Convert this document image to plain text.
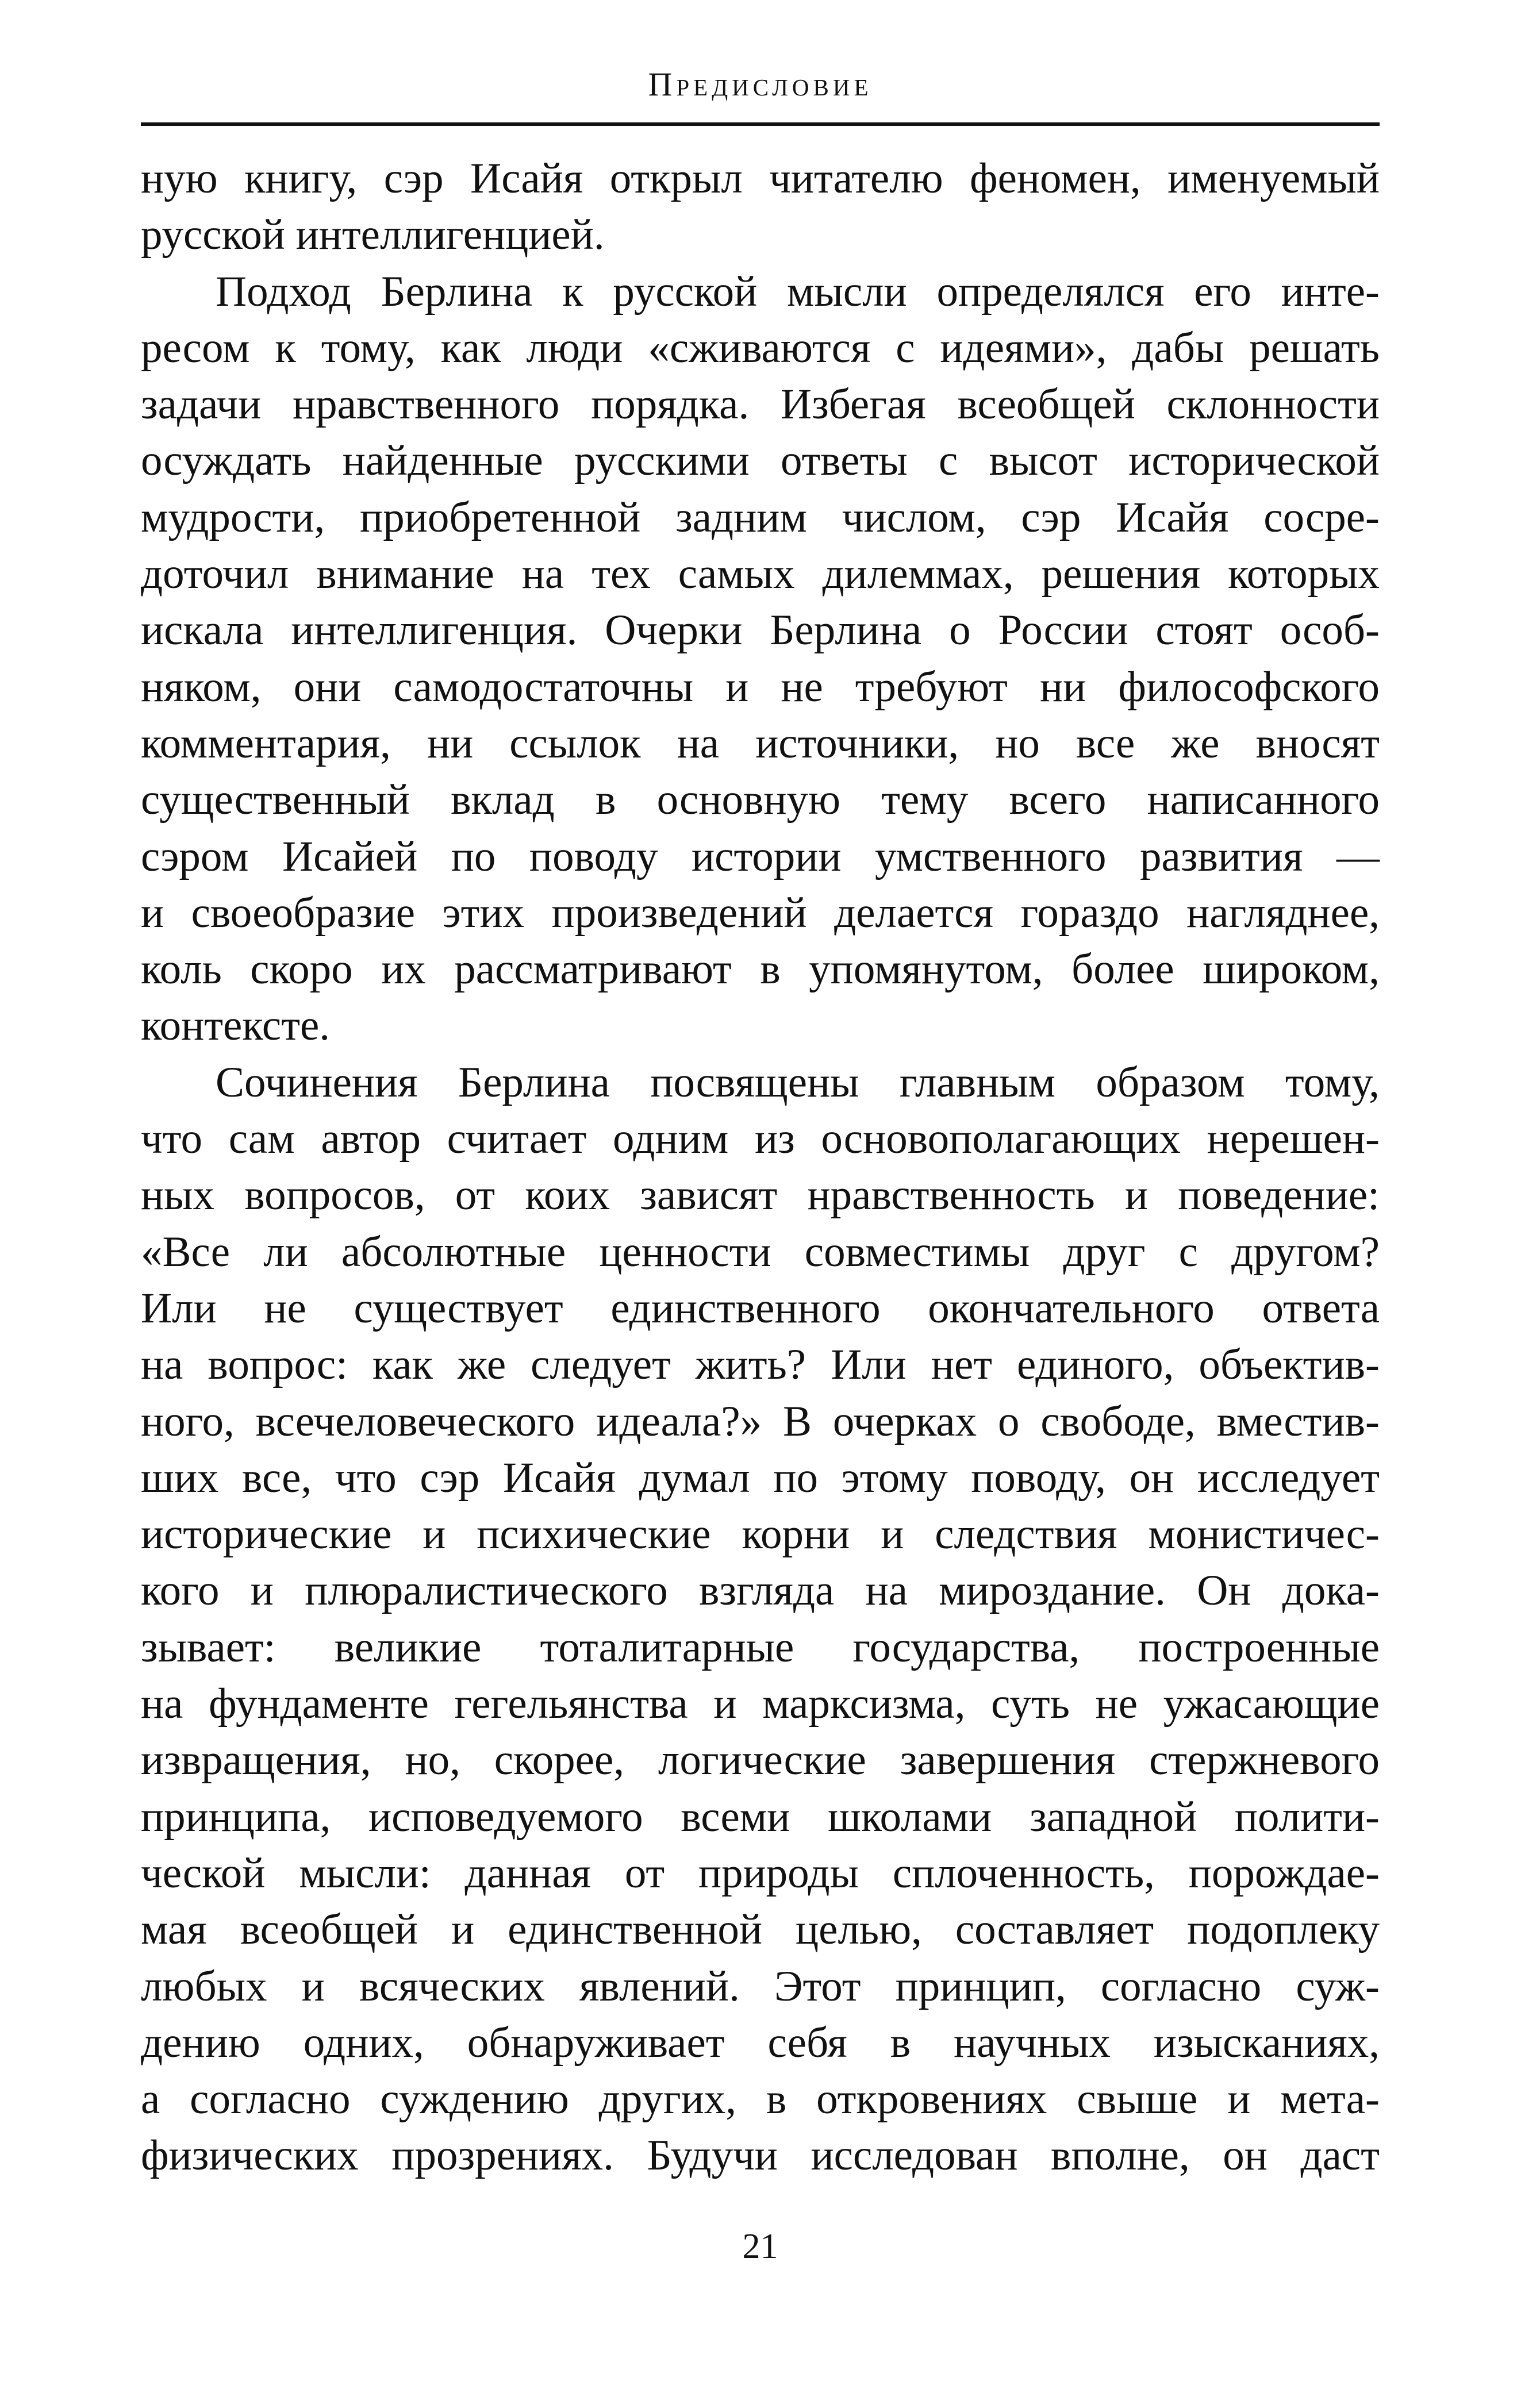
Предисловие
ную книгу, сэр Исайя открыл читателю феномен, именуемый
русской интеллигенцией.
Подход Берлина к русской мысли определялся его инте-
ресом к тому, как люди «сживаются с идеями», дабы решать
задачи нравственного порядка. Избегая всеобщей склонности
осуждать найденные русскими ответы с высот исторической
мудрости, приобретенной задним числом, сэр Исайя сосре-
доточил внимание на тех самых дилеммах, решения которых
искала интеллигенция. Очерки Берлина о России стоят особ-
няком, они самодостаточны и не требуют ни философского
комментария, ни ссылок на источники, но все же вносят
существенный вклад в основную тему всего написанного
сэром Исайей по поводу истории умственного развития —
и своеобразие этих произведений делается гораздо нагляднее,
коль скоро их рассматривают в упомянутом, более широком,
контексте.
Сочинения Берлина посвящены главным образом тому,
что сам автор считает одним из основополагающих нерешен-
ных вопросов, от коих зависят нравственность и поведение:
«Все ли абсолютные ценности совместимы друг с другом?
Или не существует единственного окончательного ответа
на вопрос: как же следует жить? Или нет единого, объектив-
ного, всечеловеческого идеала?» В очерках о свободе, вместив-
ших все, что сэр Исайя думал по этому поводу, он исследует
исторические и психические корни и следствия монистичес-
кого и плюралистического взгляда на мироздание. Он дока-
зывает: великие тоталитарные государства, построенные
на фундаменте гегельянства и марксизма, суть не ужасающие
извращения, но, скорее, логические завершения стержневого
принципа, исповедуемого всеми школами западной полити-
ческой мысли: данная от природы сплоченность, порождае-
мая всеобщей и единственной целью, составляет подоплеку
любых и всяческих явлений. Этот принцип, согласно суж-
дению одних, обнаруживает себя в научных изысканиях,
а согласно суждению других, в откровениях свыше и мета-
физических прозрениях. Будучи исследован вполне, он даст
21
